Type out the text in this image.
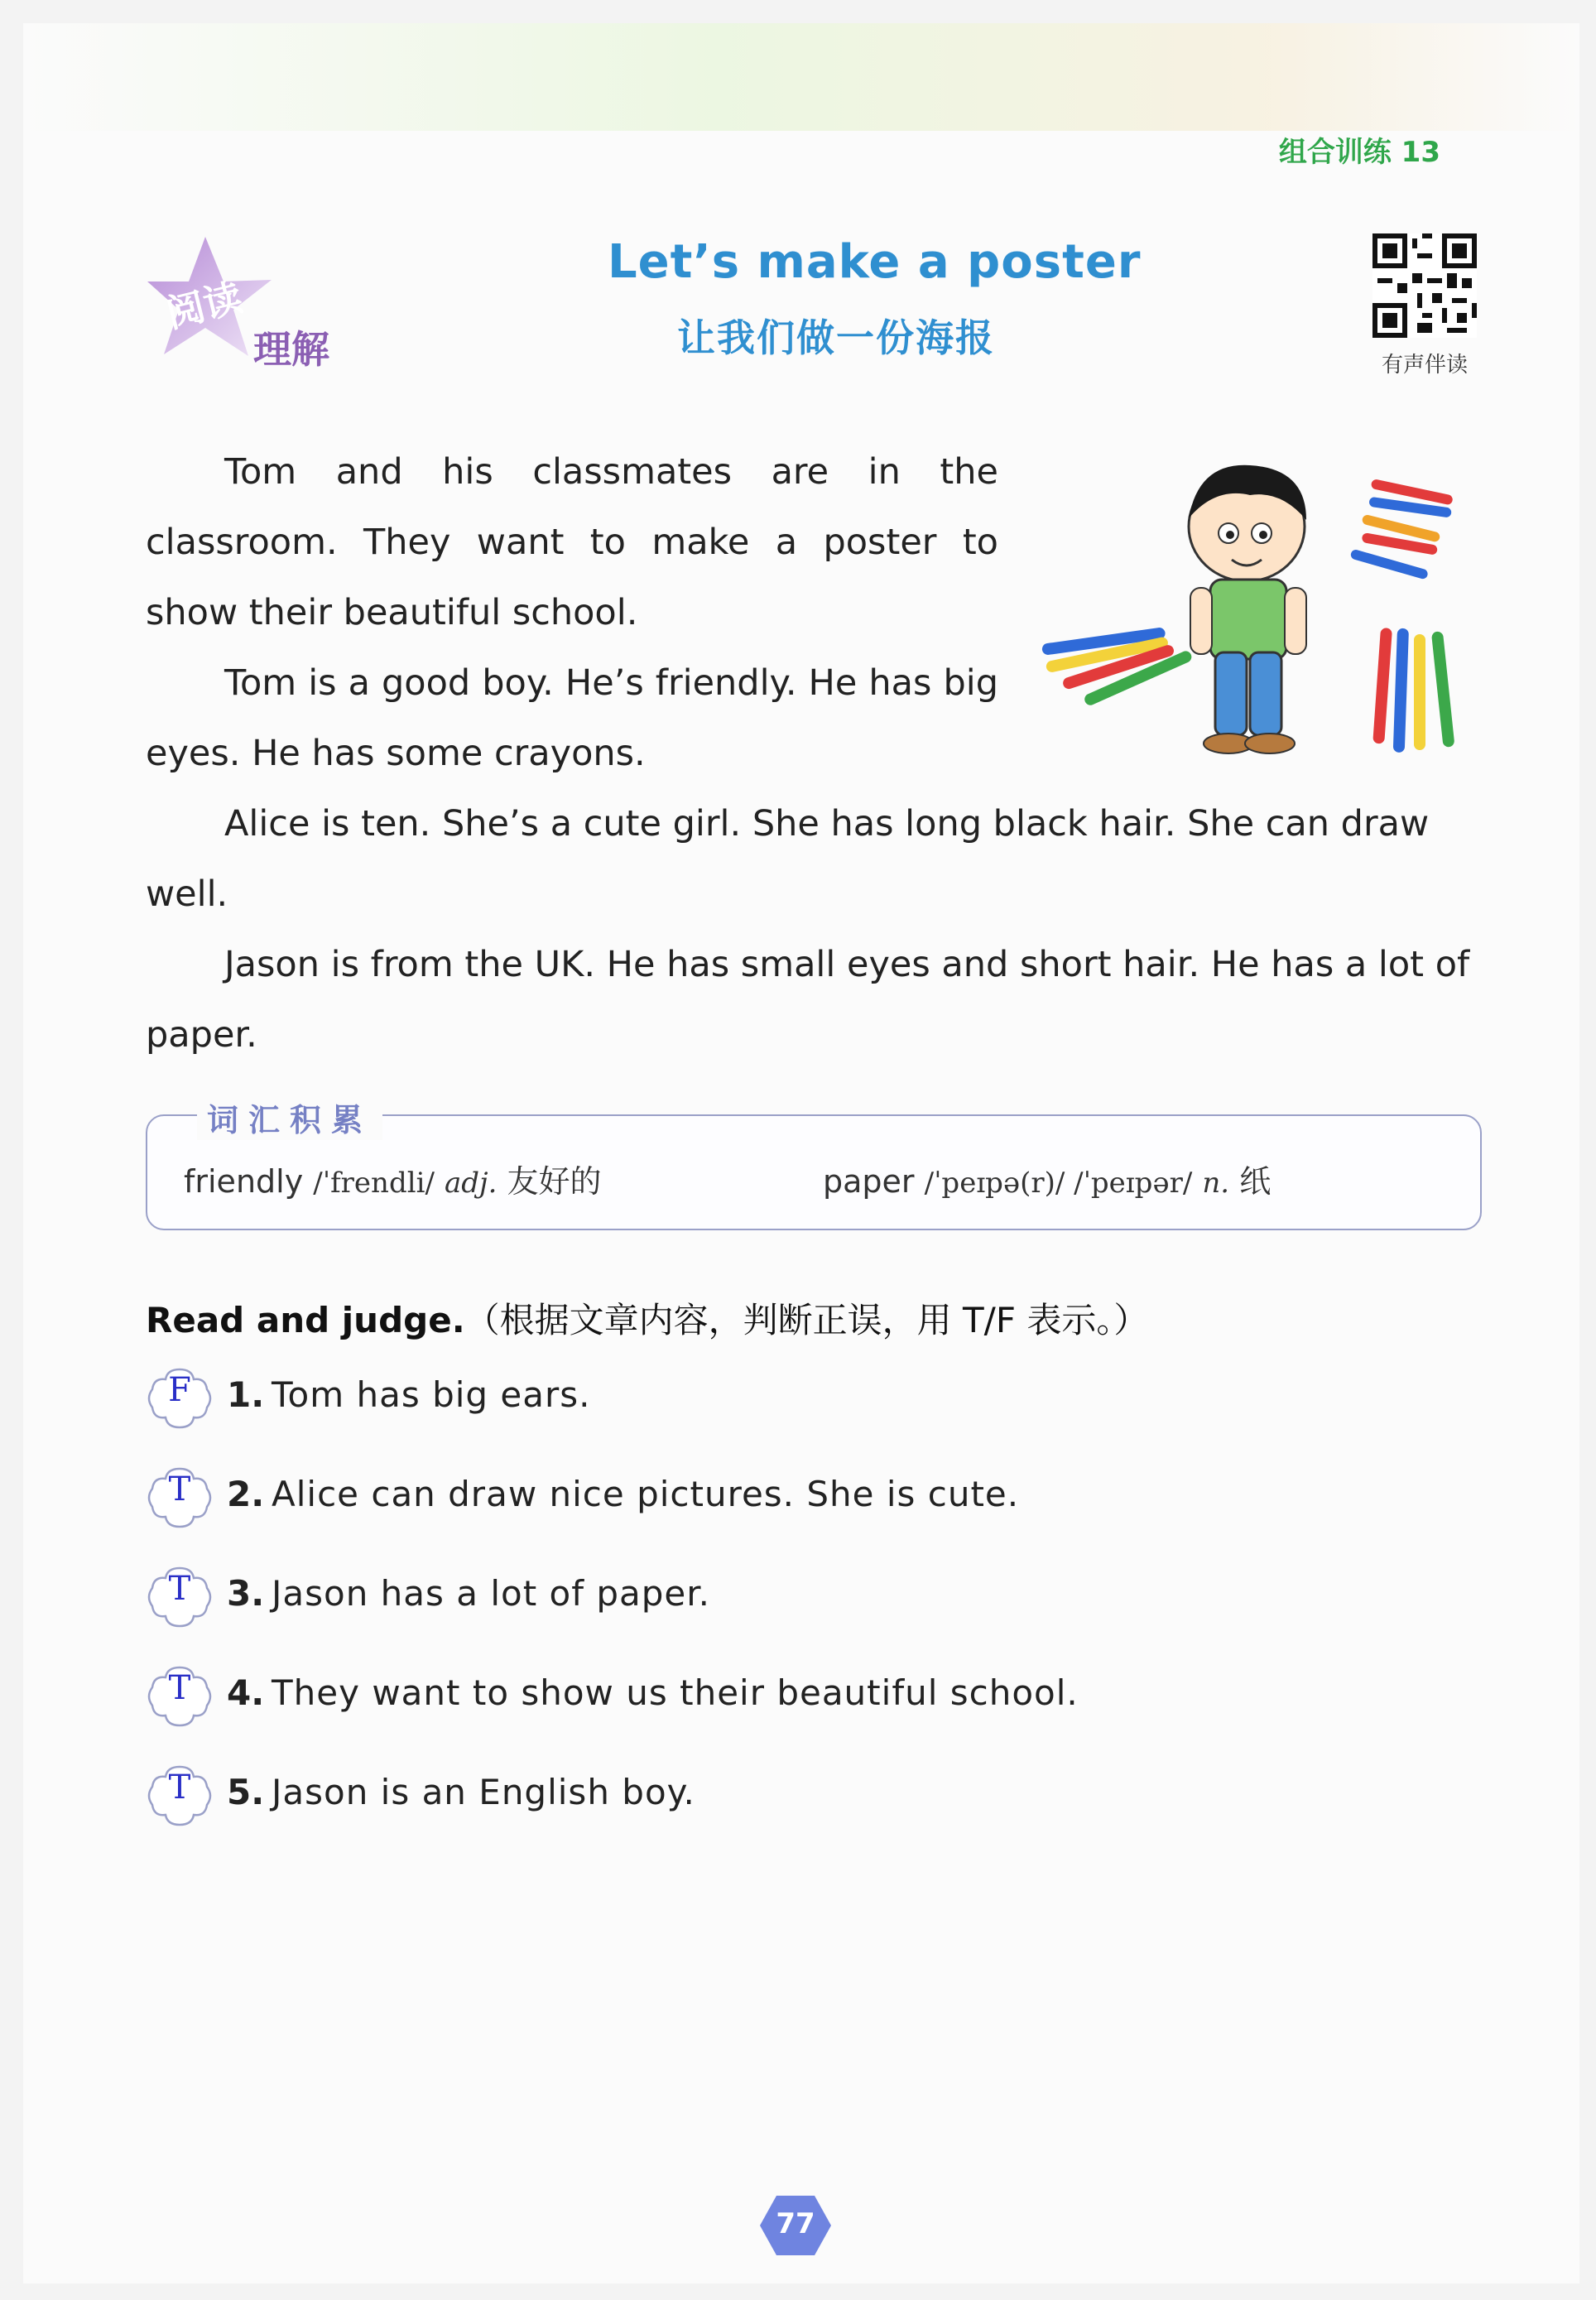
组合训练 13
阅读
理解
Let’s make a poster
让我们做一份海报
有声伴读

Tom and his classmates are in the classroom. They want to make a poster to show their beautiful school.

Tom is a good boy. He’s friendly. He has big eyes. He has some crayons.

Alice is ten. She’s a cute girl. She has long black hair. She can draw well.

Jason is from the UK. He has small eyes and short hair. He has a lot of paper.

词汇积累
friendly /ˈfrendli/ adj. 友好的	paper /ˈpeɪpə(r)/ /ˈpeɪpər/ n. 纸
Read and judge.（根据文章内容，判断正误，用 T/F 表示。）
F	1. Tom has big ears.
T	2. Alice can draw nice pictures. She is cute.
T	3. Jason has a lot of paper.
T	4. They want to show us their beautiful school.
T	5. Jason is an English boy.
77
